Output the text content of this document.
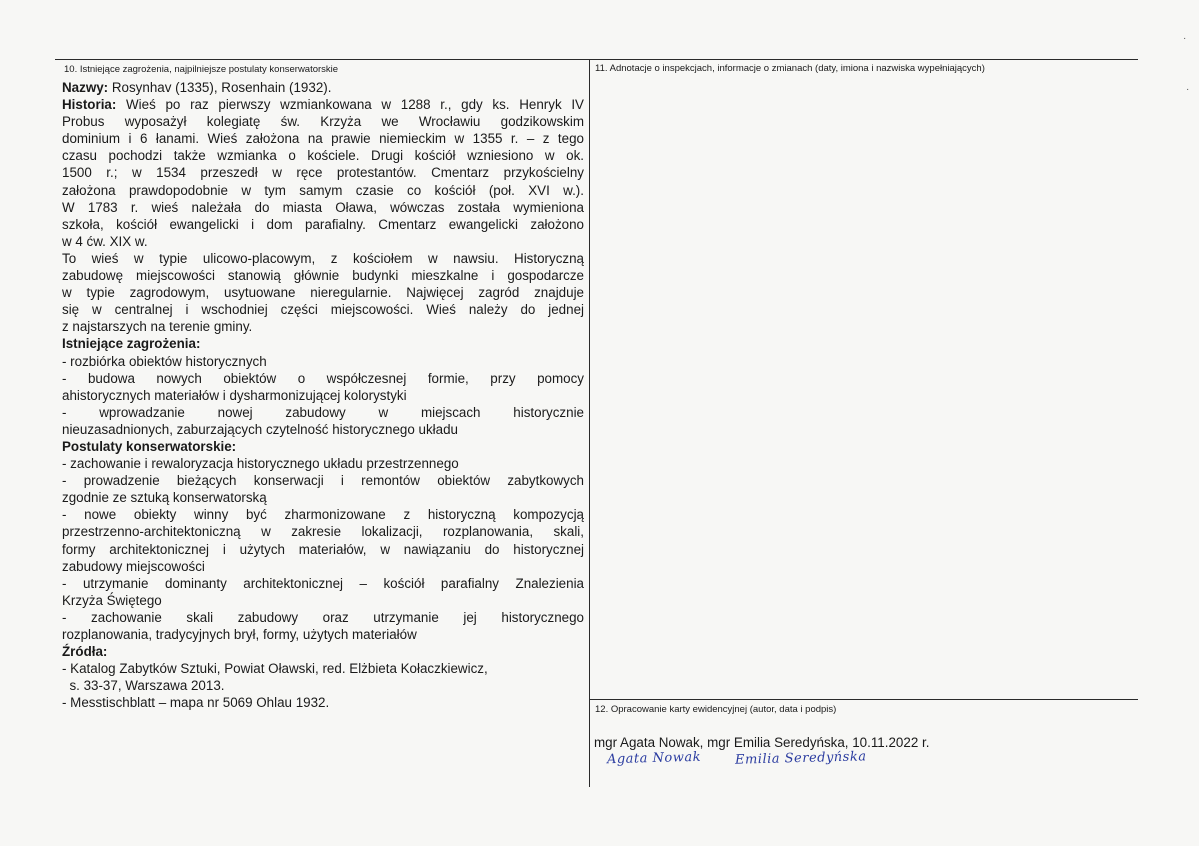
·
·
10. Istniejące zagrożenia, najpilniejsze postulaty konserwatorskie	11. Adnotacje o inspekcjach, informacje o zmianach (daty, imiona i nazwiska wypełniających)
12. Opracowanie karty ewidencyjnej (autor, data i podpis)

Nazwy: Rosynhav (1335), Rosenhain (1932).

Historia: Wieś po raz pierwszy wzmiankowana w 1288 r., gdy ks. Henryk IV

Probus wyposażył kolegiatę św. Krzyża we Wrocławiu godzikowskim

dominium i 6 łanami. Wieś założona na prawie niemieckim w 1355 r. – z tego

czasu pochodzi także wzmianka o kościele. Drugi kościół wzniesiono w ok.

1500 r.; w 1534 przeszedł w ręce protestantów. Cmentarz przykościelny

założona prawdopodobnie w tym samym czasie co kościół (poł. XVI w.).

W 1783 r. wieś należała do miasta Oława, wówczas została wymieniona

szkoła, kościół ewangelicki i dom parafialny. Cmentarz ewangelicki założono

w 4 ćw. XIX w.

To wieś w typie ulicowo-placowym, z kościołem w nawsiu. Historyczną

zabudowę miejscowości stanowią głównie budynki mieszkalne i gospodarcze

w typie zagrodowym, usytuowane nieregularnie. Najwięcej zagród znajduje

się w centralnej i wschodniej części miejscowości. Wieś należy do jednej

z najstarszych na terenie gminy.

Istniejące zagrożenia:

- rozbiórka obiektów historycznych

- budowa nowych obiektów o współczesnej formie, przy pomocy

ahistorycznych materiałów i dysharmonizującej kolorystyki

- wprowadzanie nowej zabudowy w miejscach historycznie

nieuzasadnionych, zaburzających czytelność historycznego układu

Postulaty konserwatorskie:

- zachowanie i rewaloryzacja historycznego układu przestrzennego

- prowadzenie bieżących konserwacji i remontów obiektów zabytkowych

zgodnie ze sztuką konserwatorską

- nowe obiekty winny być zharmonizowane z historyczną kompozycją

przestrzenno-architektoniczną w zakresie lokalizacji, rozplanowania, skali,

formy architektonicznej i użytych materiałów, w nawiązaniu do historycznej

zabudowy miejscowości

- utrzymanie dominanty architektonicznej – kościół parafialny Znalezienia

Krzyża Świętego

- zachowanie skali zabudowy oraz utrzymanie jej historycznego

rozplanowania, tradycyjnych brył, formy, użytych materiałów

Źródła:

- Katalog Zabytków Sztuki, Powiat Oławski, red. Elżbieta Kołaczkiewicz,

s. 33-37, Warszawa 2013.

- Messtischblatt – mapa nr 5069 Ohlau 1932.

mgr Agata Nowak, mgr Emilia Seredyńska, 10.11.2022 r.
Agata Nowak	Emilia Seredyńska
